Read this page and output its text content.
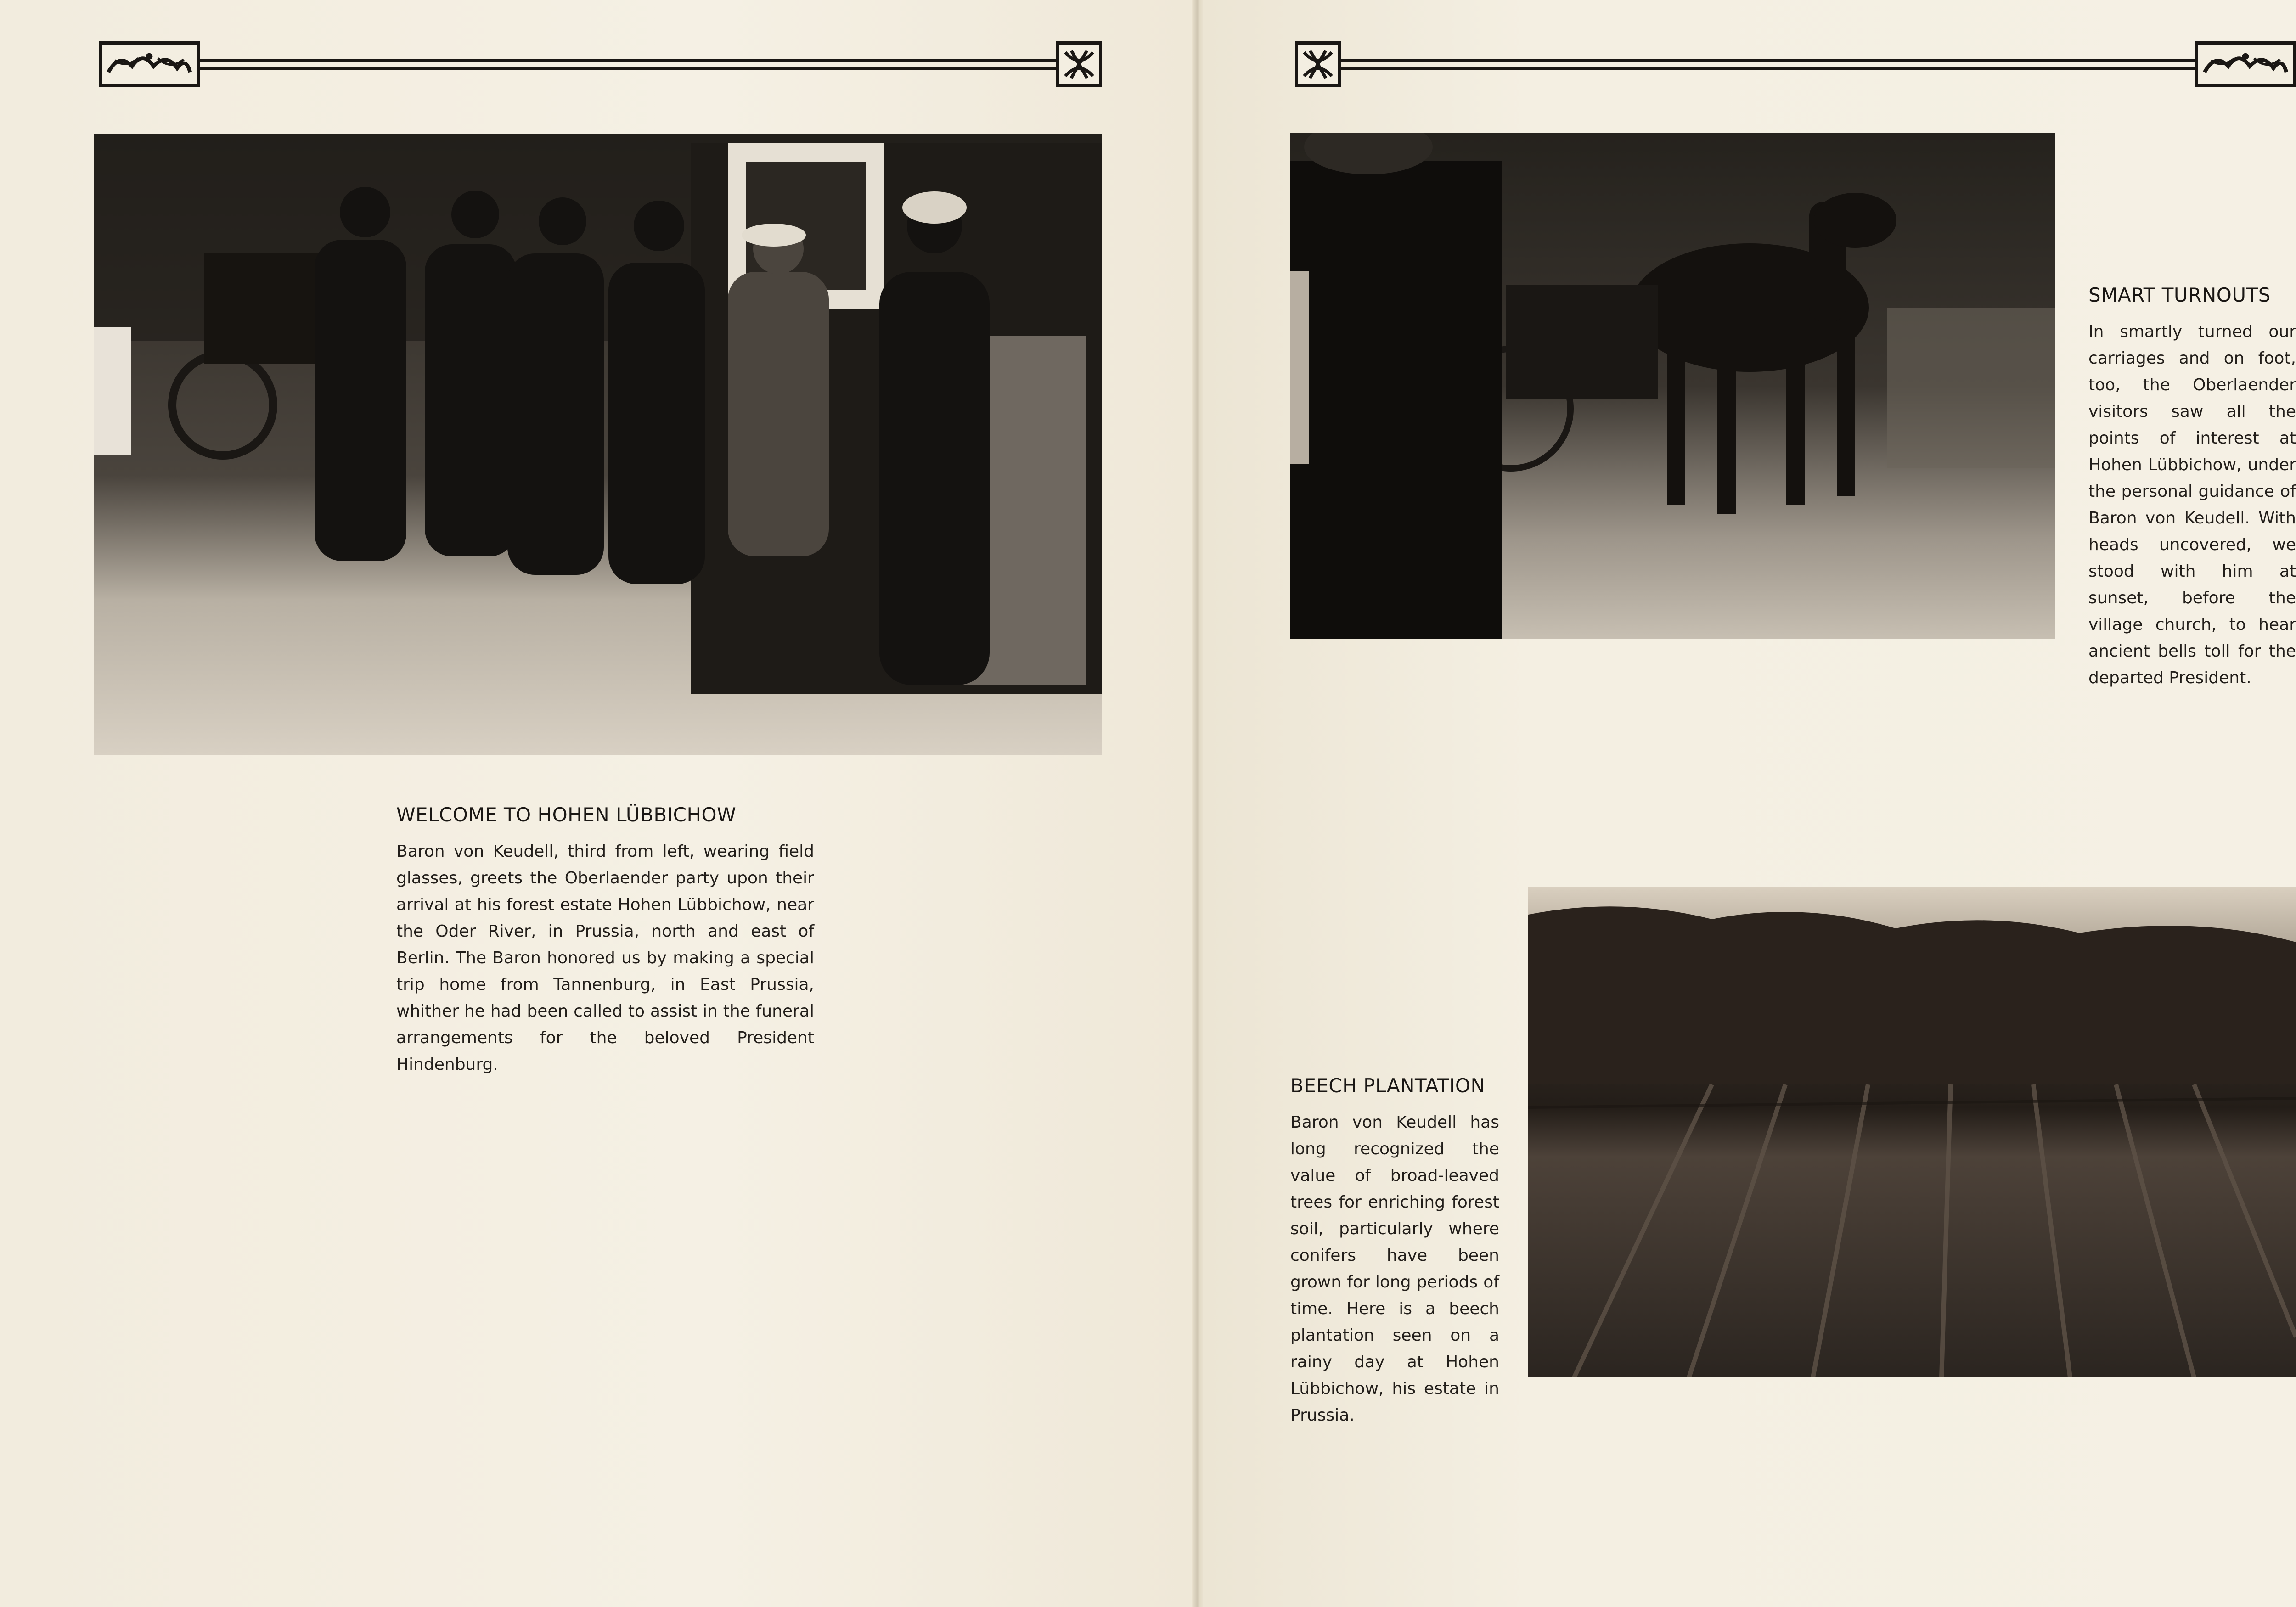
WELCOME TO HOHEN LÜBBICHOW

Baron von Keudell, third from left, wearing field glasses, greets the Oberlaender party upon their arrival at his forest estate Hohen Lübbichow, near the Oder River, in Prussia, north and east of Berlin. The Baron honored us by making a special trip home from Tannenburg, in East Prussia, whither he had been called to assist in the funeral arrangements for the beloved President Hindenburg.

SMART TURNOUTS

In smartly turned our carriages and on foot, too, the Oberlaender visitors saw all the points of interest at Hohen Lübbichow, under the personal guidance of Baron von Keudell. With heads uncovered, we stood with him at sunset, before the village church, to hear ancient bells toll for the departed President.

BEECH PLANTATION

Baron von Keudell has long recognized the value of broad-leaved trees for enriching forest soil, particularly where conifers have been grown for long periods of time. Here is a beech plantation seen on a rainy day at Hohen Lübbichow, his estate in Prussia.
